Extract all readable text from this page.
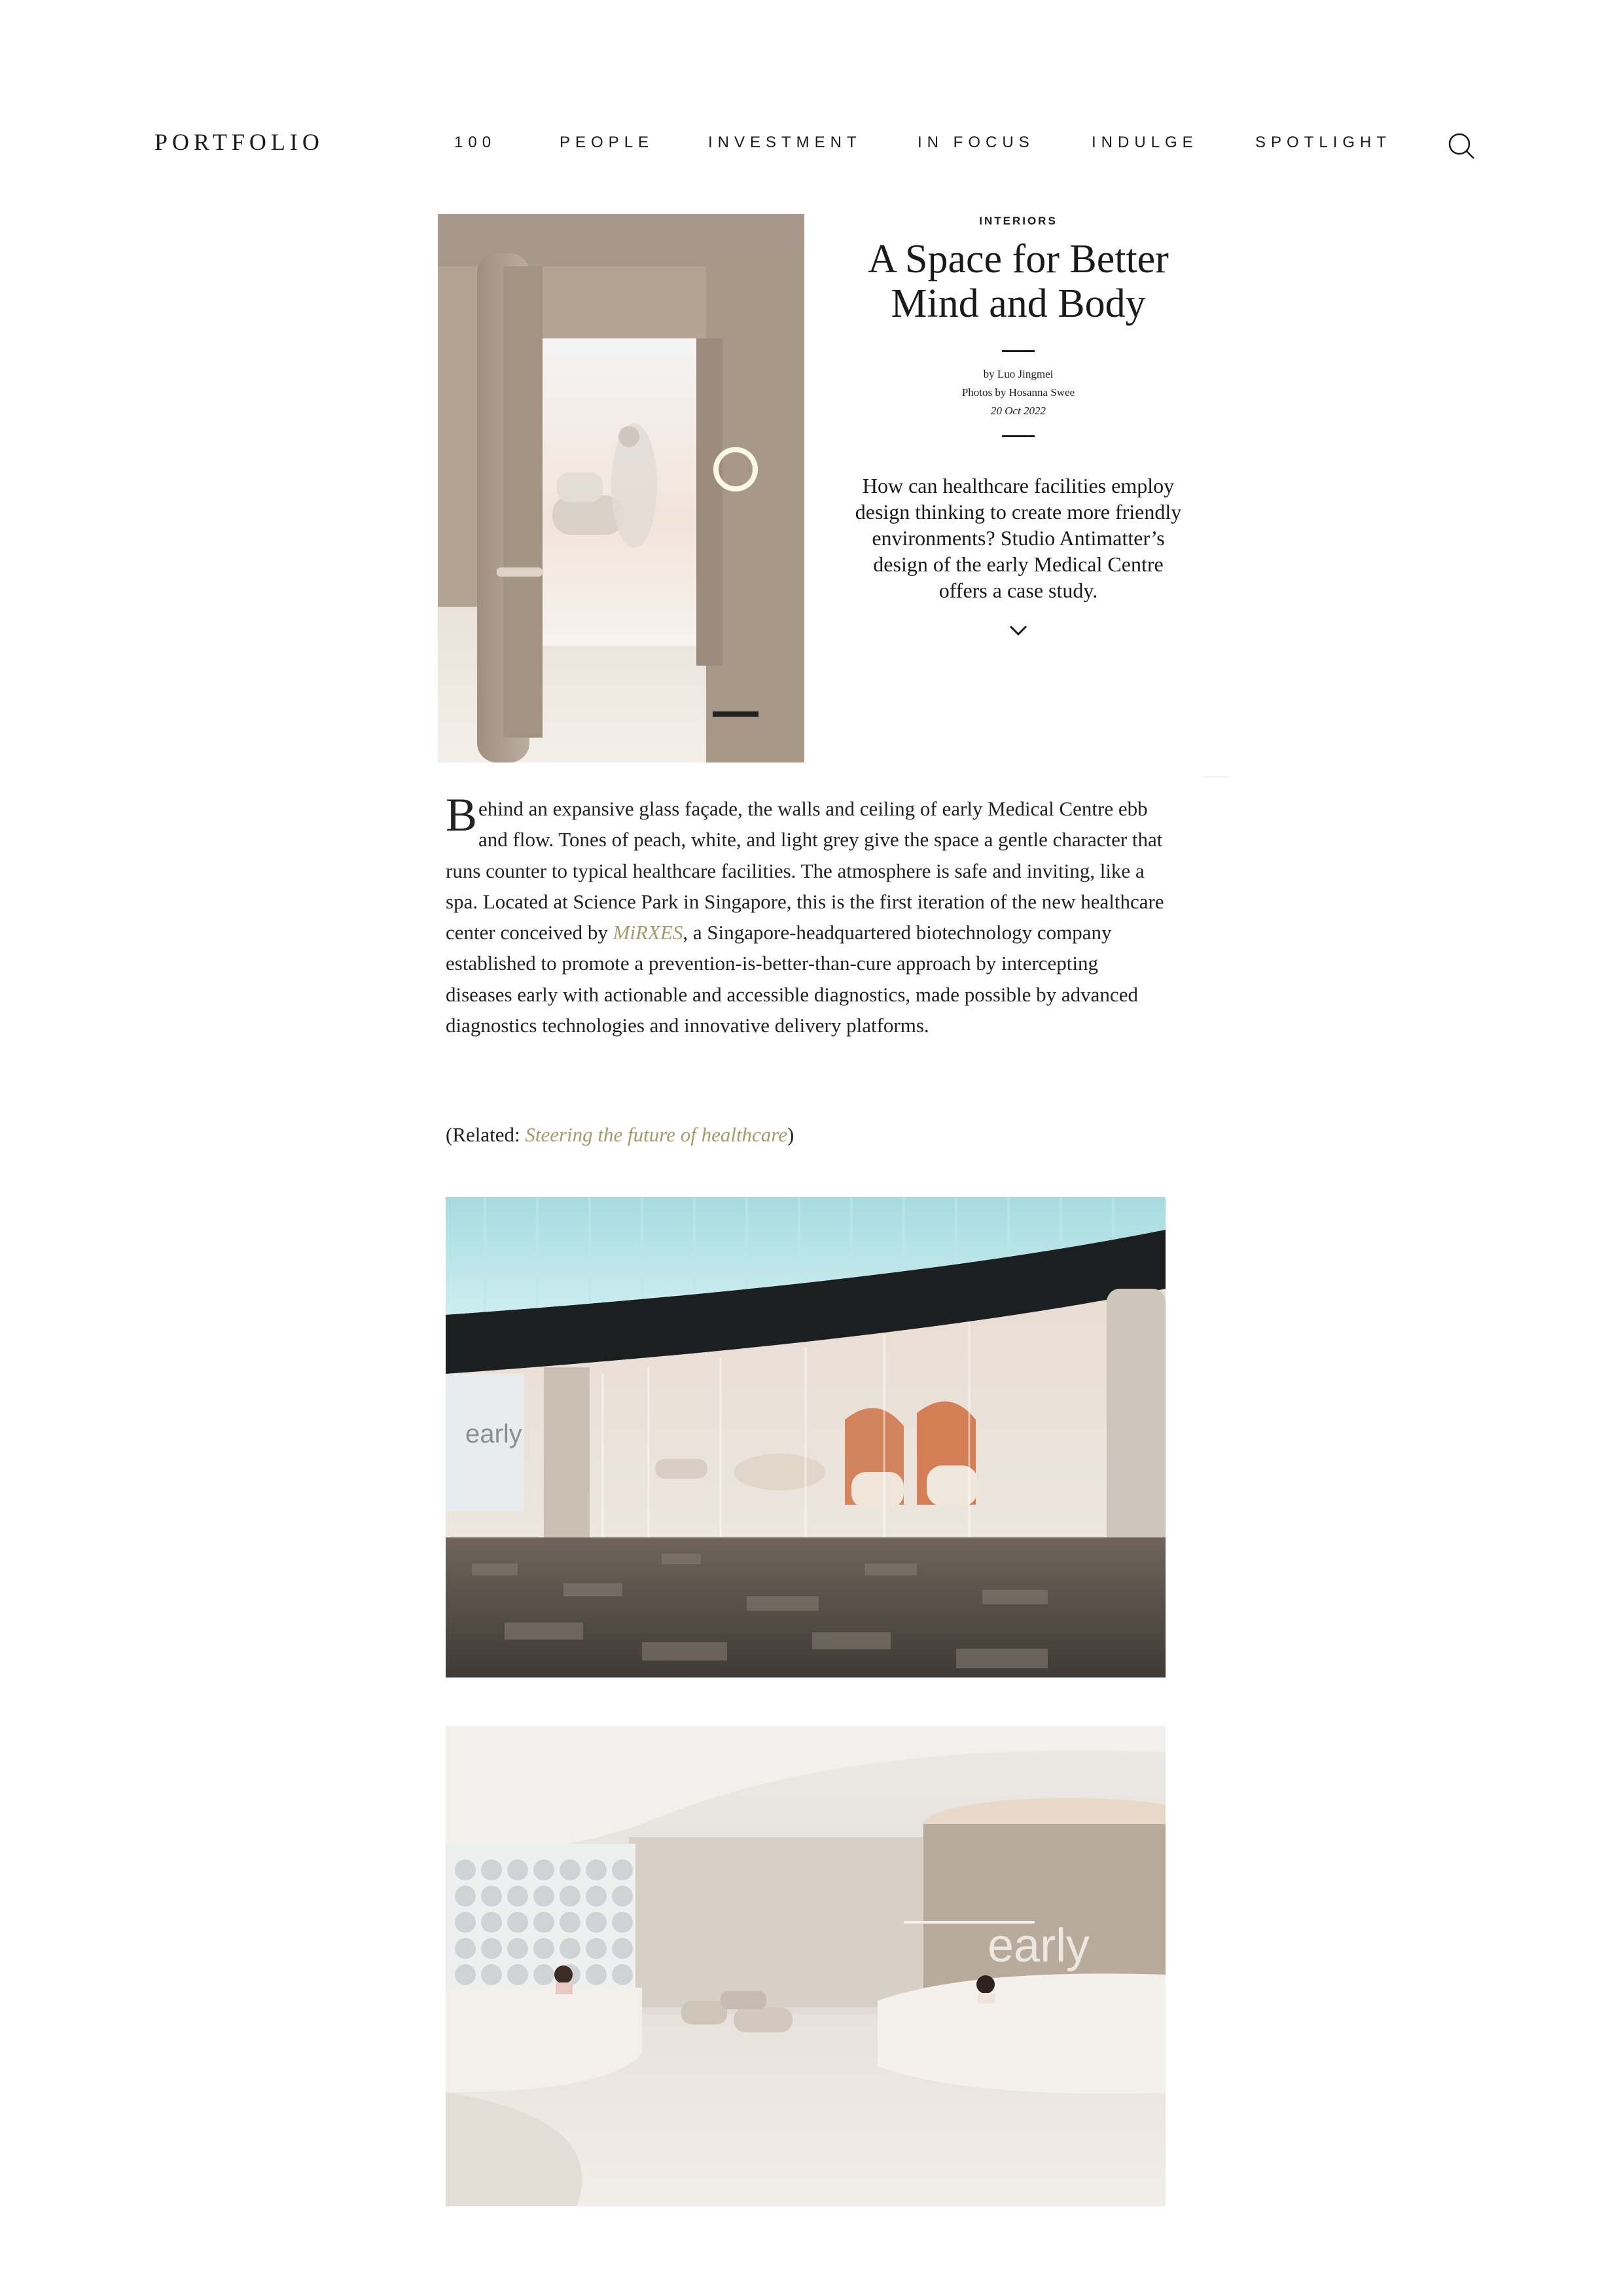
PORTFOLIO	100	PEOPLE	INVESTMENT	IN FOCUS	INDULGE	SPOTLIGHT
INTERIORS
A Space for Better
Mind and Body
by Luo Jingmei
Photos by Hosanna Swee
20 Oct 2022
How can healthcare facilities employ design thinking to create more friendly environments? Studio Antimatter’s design of the early Medical Centre offers a case study.
Behind an expansive glass façade, the walls and ceiling of early Medical Centre ebb and flow. Tones of peach, white, and light grey give the space a gentle character that runs counter to typical healthcare facilities. The atmosphere is safe and inviting, like a spa. Located at Science Park in Singapore, this is the first iteration of the new healthcare center conceived by MiRXES, a Singapore-headquartered biotechnology company established to promote a prevention-is-better-than-cure approach by intercepting diseases early with actionable and accessible diagnostics, made possible by advanced diagnostics technologies and innovative delivery platforms.
(Related: Steering the future of healthcare)
early
early
